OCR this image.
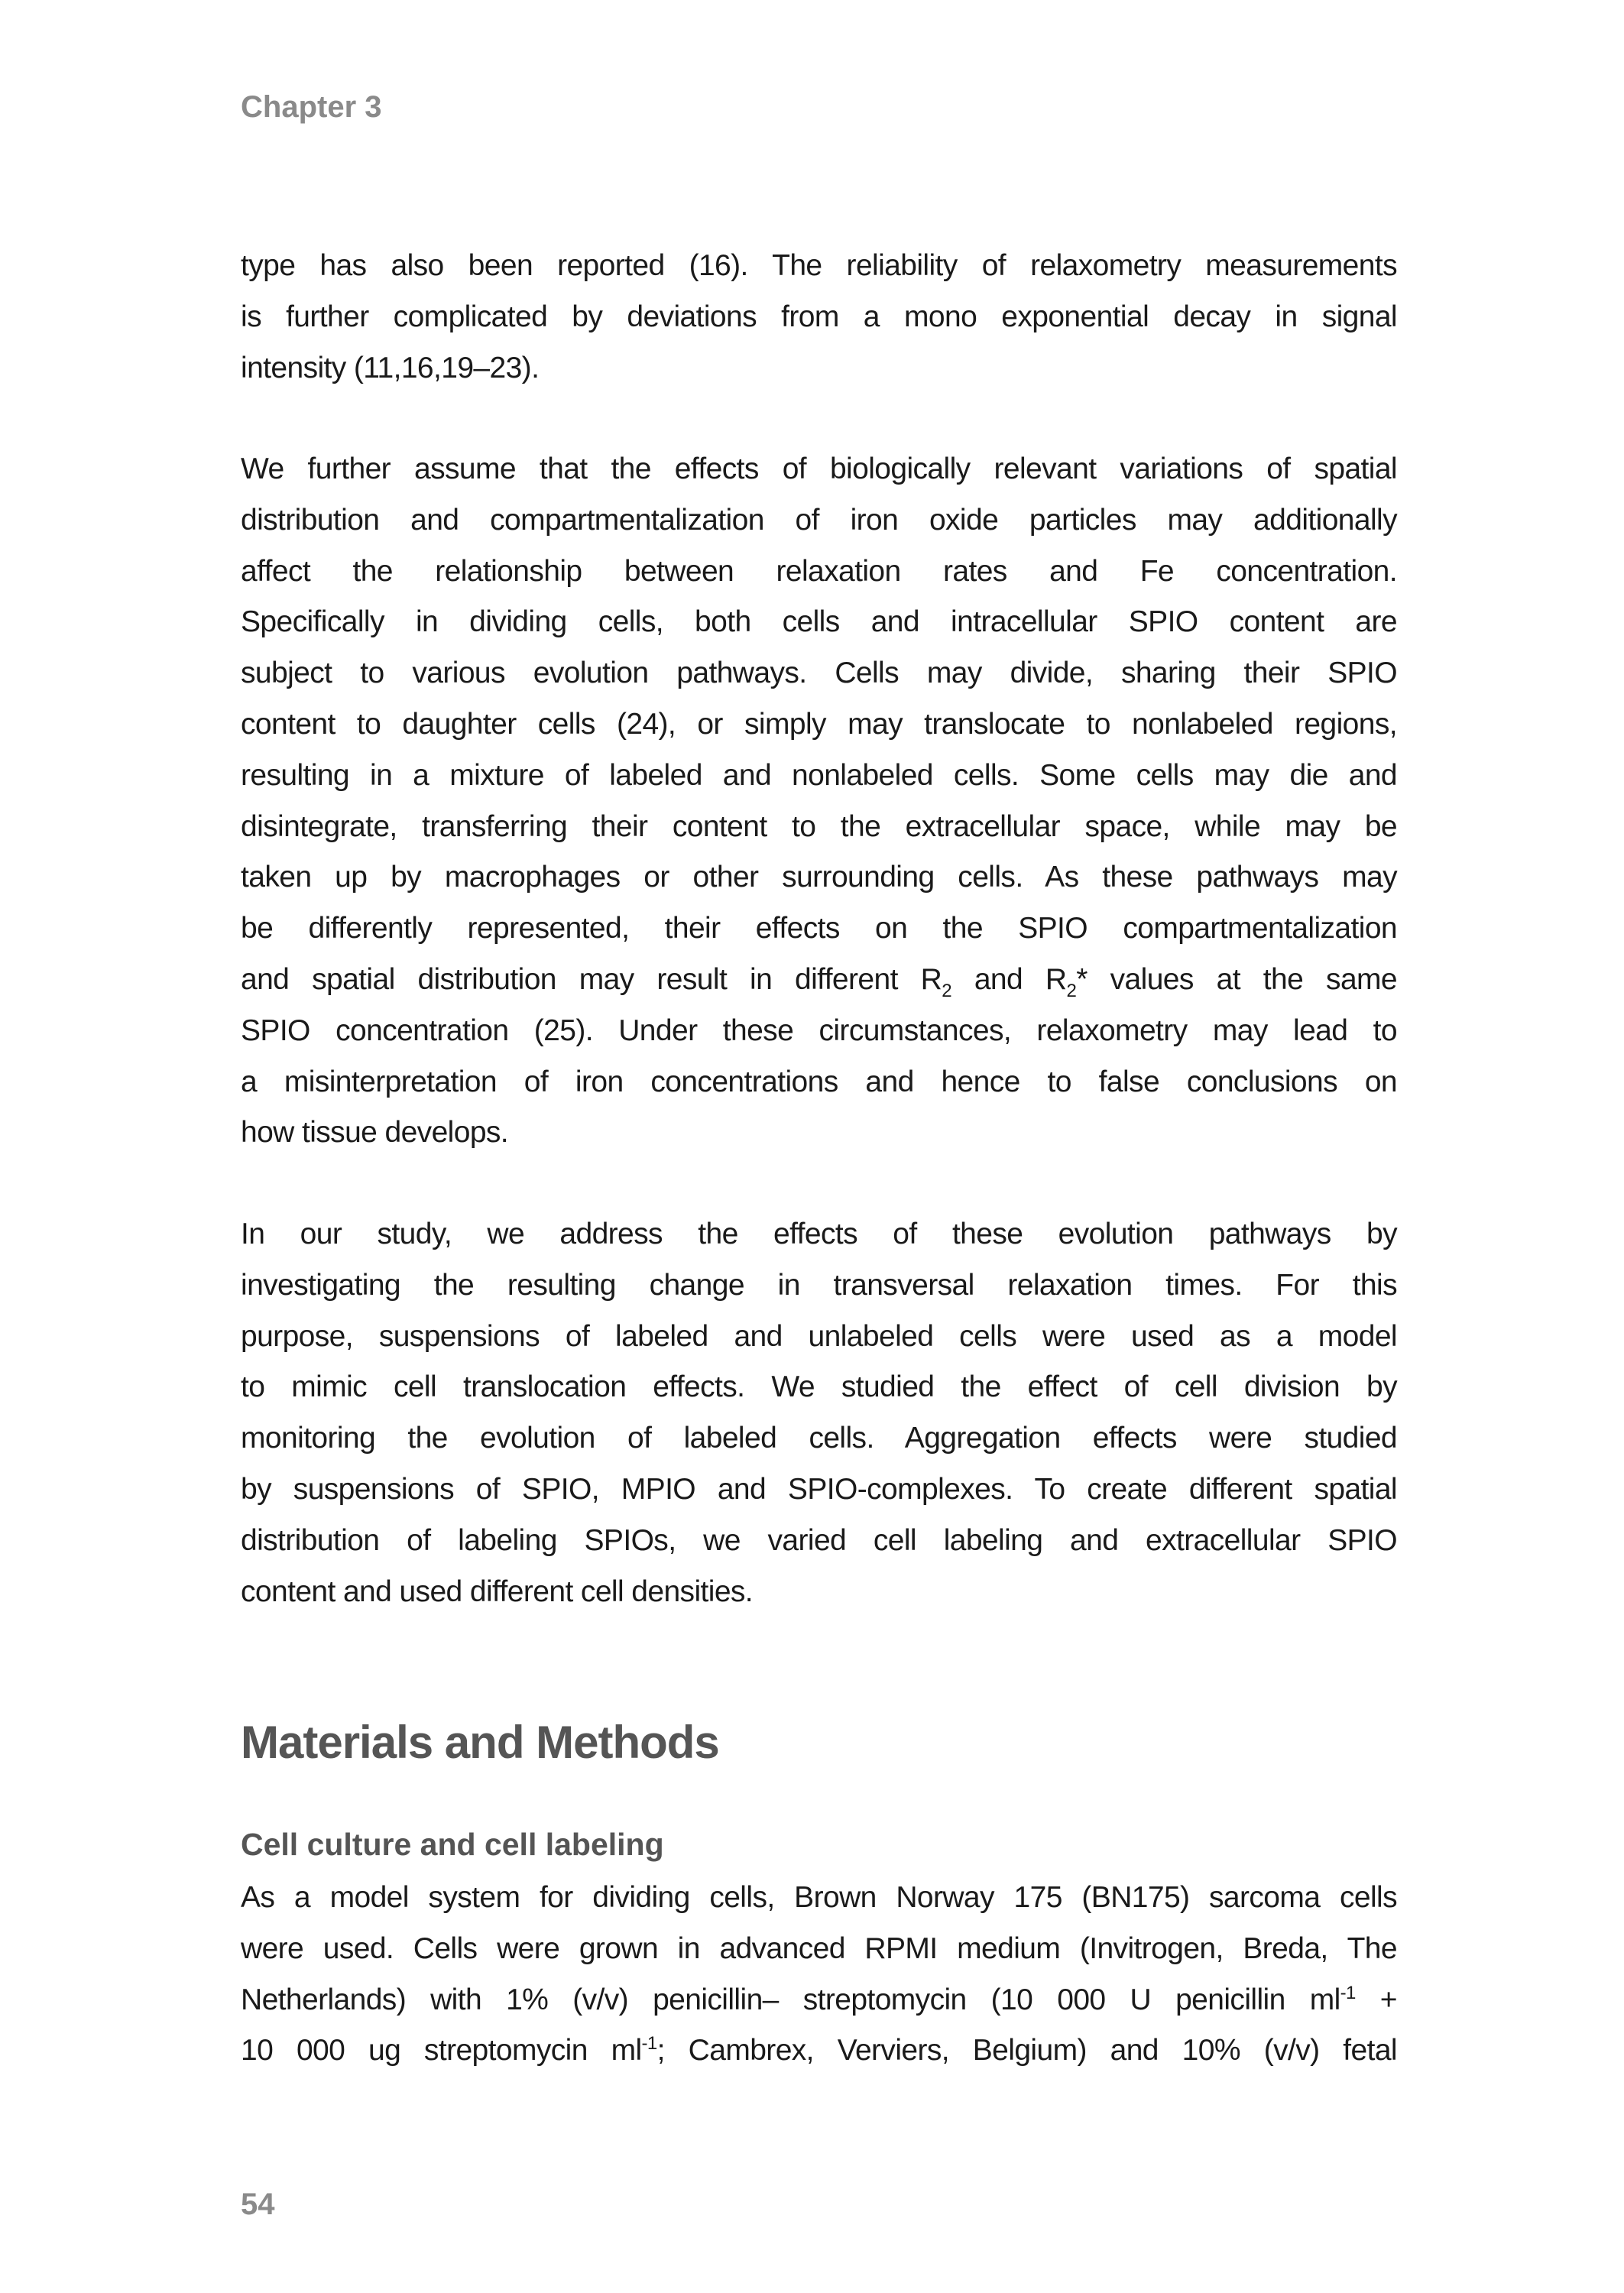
Chapter 3
type has also been reported (16). The reliability of relaxometry measurements
is further complicated by deviations from a mono exponential decay in signal
intensity (11,16,19–23).
We further assume that the effects of biologically relevant variations of spatial
distribution and compartmentalization of iron oxide particles may additionally
affect the relationship between relaxation rates and Fe concentration.
Specifically in dividing cells, both cells and intracellular SPIO content are
subject to various evolution pathways. Cells may divide, sharing their SPIO
content to daughter cells (24), or simply may translocate to nonlabeled regions,
resulting in a mixture of labeled and nonlabeled cells. Some cells may die and
disintegrate, transferring their content to the extracellular space, while may be
taken up by macrophages or other surrounding cells. As these pathways may
be differently represented, their effects on the SPIO compartmentalization
and spatial distribution may result in different $R_2$ and $R_2*$ values at the same
SPIO concentration (25). Under these circumstances, relaxometry may lead to
a misinterpretation of iron concentrations and hence to false conclusions on
how tissue develops.
In our study, we address the effects of these evolution pathways by
investigating the resulting change in transversal relaxation times. For this
purpose, suspensions of labeled and unlabeled cells were used as a model
to mimic cell translocation effects. We studied the effect of cell division by
monitoring the evolution of labeled cells. Aggregation effects were studied
by suspensions of SPIO, MPIO and SPIO-complexes. To create different spatial
distribution of labeling SPIOs, we varied cell labeling and extracellular SPIO
content and used different cell densities.
Materials and Methods
Cell culture and cell labeling
As a model system for dividing cells, Brown Norway 175 (BN175) sarcoma cells
were used. Cells were grown in advanced RPMI medium (Invitrogen, Breda, The
Netherlands) with 1% (v/v) penicillin– streptomycin (10 000 U penicillin $ml^{-1}$ +
10 000 ug streptomycin $ml^{-1}$; Cambrex, Verviers, Belgium) and 10% (v/v) fetal
54
